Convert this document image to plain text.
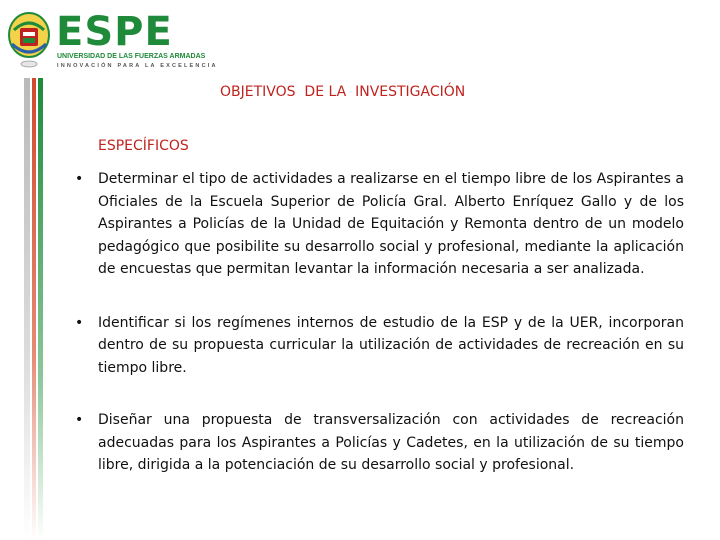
ESPE
UNIVERSIDAD DE LAS FUERZAS ARMADAS
INNOVACIÓN PARA LA EXCELENCIA
OBJETIVOS  DE LA  INVESTIGACIÓN
ESPECÍFICOS
• Determinar el tipo de actividades a realizarse en el tiempo libre de los Aspirantes a Oficiales de la Escuela Superior de Policía Gral. Alberto Enríquez Gallo y de los Aspirantes a Policías de la Unidad de Equitación y Remonta dentro de un modelo pedagógico que posibilite su desarrollo social y profesional, mediante la aplicación de encuestas que permitan levantar la información necesaria a ser analizada.
• Identificar si los regímenes internos de estudio de la ESP y de la UER, incorporan dentro de su propuesta curricular la utilización de actividades de recreación en su tiempo libre.
• Diseñar una propuesta de transversalización con actividades de recreación adecuadas para los Aspirantes a Policías y Cadetes, en la utilización de su tiempo libre, dirigida a la potenciación de su desarrollo social y profesional.
